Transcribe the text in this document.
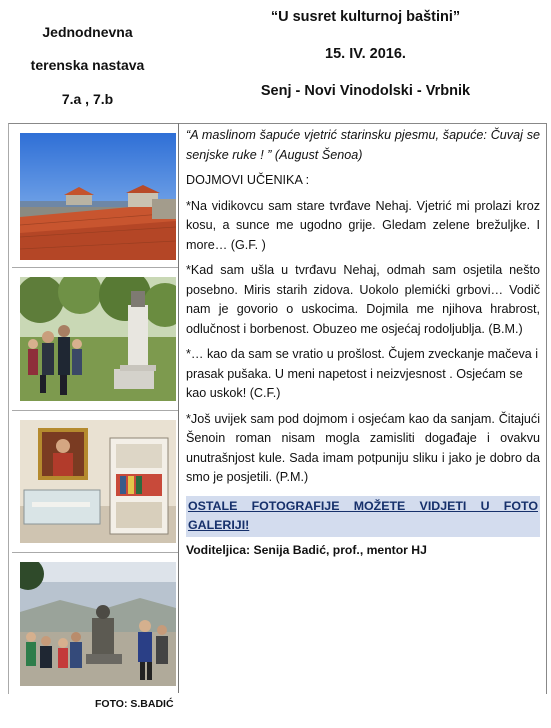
Jednodnevna
terenska nastava
7.a , 7.b
“U susret kulturnoj baštini”
15. IV. 2016.
Senj - Novi Vinodolski - Vrbnik

“A maslinom šapuće vjetrić starinsku pjesmu, šapuće: Čuvaj se senjske ruke ! ” (August Šenoa)

DOJMOVI UČENIKA :

*Na vidikovcu sam stare tvrđave Nehaj. Vjetrić mi prolazi kroz kosu, a sunce me ugodno grije. Gledam zelene brežuljke. I more… (G.F. )

*Kad sam ušla u tvrđavu Nehaj, odmah sam osjetila nešto posebno. Miris starih zidova. Uokolo plemićki grbovi… Vodič nam je govorio o uskocima. Dojmila me njihova hrabrost, odlučnost i borbenost. Obuzeo me osjećaj rodoljublja. (B.M.)

*… kao da sam se vratio u prošlost. Čujem zveckanje mačeva i prasak pušaka. U meni napetost i neizvjesnost . Osjećam se kao uskok! (C.F.)

*Još uvijek sam pod dojmom i osjećam kao da sanjam. Čitajući Šenoin roman nisam mogla zamisliti događaje i ovakvu unutrašnjost kule. Sada imam potpuniju sliku i jako je dobro da smo je posjetili. (P.M.)

OSTALE FOTOGRAFIJE MOŽETE VIDJETI U FOTO GALERIJI!
Voditeljica: Senija Badić, prof., mentor HJ
FOTO: S.BADIĆ
